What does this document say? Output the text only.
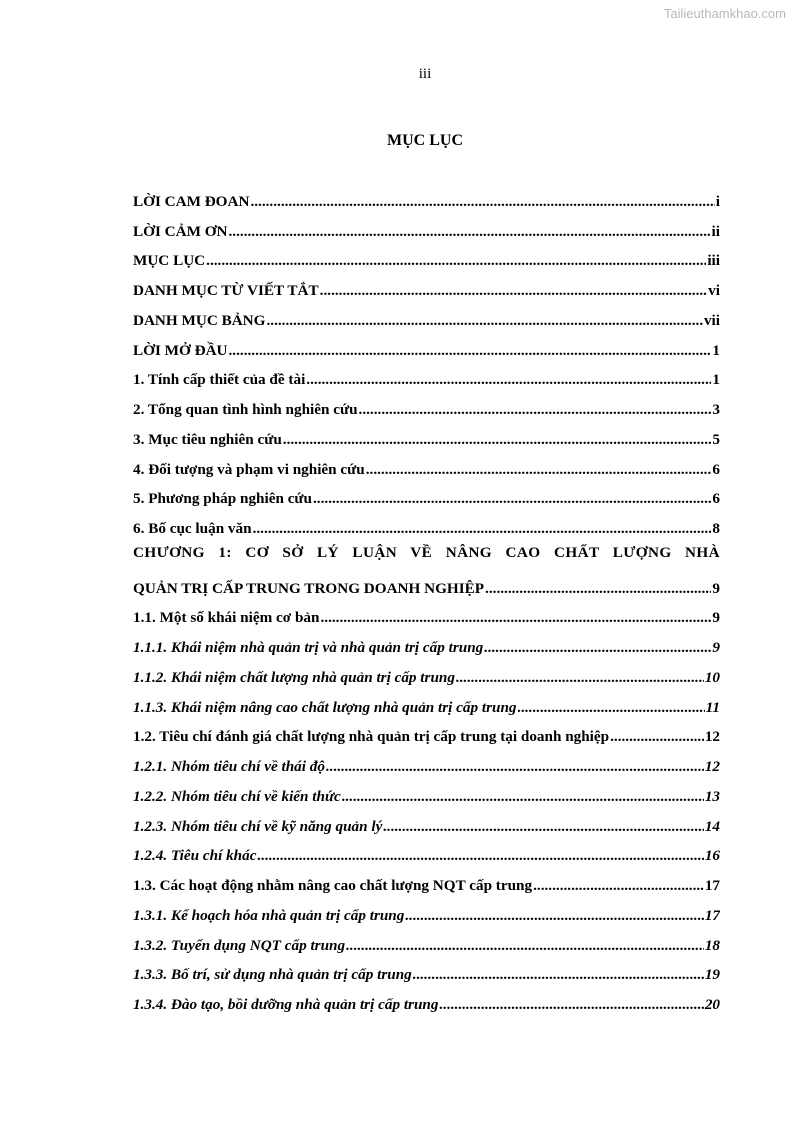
Tailieuthamkhao.com
iii
MỤC LỤC
LỜI CAM ĐOAN .....	i
LỜI CẢM ƠN .....	ii
MỤC LỤC .....	iii
DANH MỤC TỪ VIẾT TẮT .....	vi
DANH MỤC BẢNG .....	vii
LỜI MỞ ĐẦU .....	1
1. Tính cấp thiết của đề tài .....	1
2. Tổng quan tình hình nghiên cứu .....	3
3. Mục tiêu nghiên cứu .....	5
4. Đối tượng và phạm vi nghiên cứu .....	6
5. Phương pháp nghiên cứu .....	6
6. Bố cục luận văn .....	8
CHƯƠNG 1: CƠ SỞ LÝ LUẬN VỀ NÂNG CAO CHẤT LƯỢNG NHÀ
QUẢN TRỊ CẤP TRUNG TRONG DOANH NGHIỆP .....	9
1.1. Một số khái niệm cơ bản .....	9
1.1.1. Khái niệm nhà quản trị và nhà quản trị cấp trung .....	9
1.1.2. Khái niệm chất lượng nhà quản trị cấp trung .....	10
1.1.3. Khái niệm nâng cao chất lượng nhà quản trị cấp trung .....	11
1.2. Tiêu chí đánh giá chất lượng nhà quản trị cấp trung tại doanh nghiệp .....	12
1.2.1. Nhóm tiêu chí về thái độ .....	12
1.2.2. Nhóm tiêu chí về kiến thức .....	13
1.2.3. Nhóm tiêu chí về kỹ năng quản lý .....	14
1.2.4. Tiêu chí khác .....	16
1.3. Các hoạt động nhằm nâng cao chất lượng NQT cấp trung .....	17
1.3.1. Kế hoạch hóa nhà quản trị cấp trung .....	17
1.3.2. Tuyển dụng NQT cấp trung .....	18
1.3.3. Bố trí, sử dụng nhà quản trị cấp trung .....	19
1.3.4. Đào tạo, bồi dưỡng nhà quản trị cấp trung .....	20
